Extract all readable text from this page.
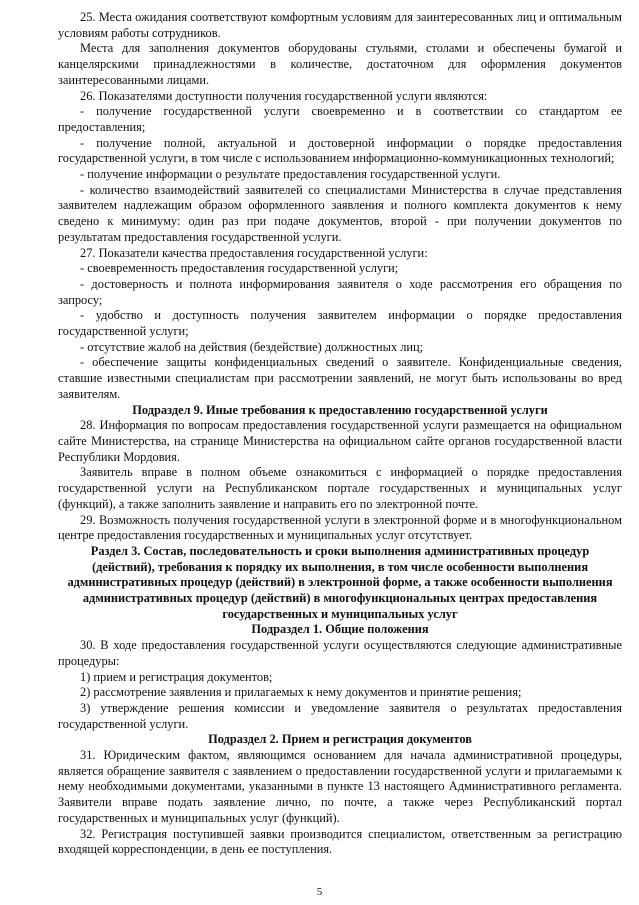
25. Места ожидания соответствуют комфортным условиям для заинтересованных лиц и оптимальным условиям работы сотрудников.

Места для заполнения документов оборудованы стульями, столами и обеспечены бумагой и канцелярскими принадлежностями в количестве, достаточном для оформления документов заинтересованными лицами.

26. Показателями доступности получения государственной услуги являются:

- получение государственной услуги своевременно и в соответствии со стандартом ее предоставления;

- получение полной, актуальной и достоверной информации о порядке предоставления государственной услуги, в том числе с использованием информационно-коммуникационных технологий;

- получение информации о результате предоставления государственной услуги.

- количество взаимодействий заявителей со специалистами Министерства в случае представления заявителем надлежащим образом оформленного заявления и полного комплекта документов к нему сведено к минимуму: один раз при подаче документов, второй - при получении документов по результатам предоставления государственной услуги.

27. Показатели качества предоставления государственной услуги:

- своевременность предоставления государственной услуги;

- достоверность и полнота информирования заявителя о ходе рассмотрения его обращения по запросу;

- удобство и доступность получения заявителем информации о порядке предоставления государственной услуги;

- отсутствие жалоб на действия (бездействие) должностных лиц;

- обеспечение защиты конфиденциальных сведений о заявителе. Конфиденциальные сведения, ставшие известными специалистам при рассмотрении заявлений, не могут быть использованы во вред заявителям.

Подраздел 9. Иные требования к предоставлению государственной услуги

28. Информация по вопросам предоставления государственной услуги размещается на официальном сайте Министерства, на странице Министерства на официальном сайте органов государственной власти Республики Мордовия.

Заявитель вправе в полном объеме ознакомиться с информацией о порядке предоставления государственной услуги на Республиканском портале государственных и муниципальных услуг (функций), а также заполнить заявление и направить его по электронной почте.

29. Возможность получения государственной услуги в электронной форме и в многофункциональном центре предоставления государственных и муниципальных услуг отсутствует.

Раздел 3. Состав, последовательность и сроки выполнения административных процедур (действий), требования к порядку их выполнения, в том числе особенности выполнения административных процедур (действий) в электронной форме, а также особенности выполнения административных процедур (действий) в многофункциональных центрах предоставления государственных и муниципальных услуг

Подраздел 1. Общие положения

30. В ходе предоставления государственной услуги осуществляются следующие административные процедуры:

1) прием и регистрация документов;

2) рассмотрение заявления и прилагаемых к нему документов и принятие решения;

3) утверждение решения комиссии и уведомление заявителя о результатах предоставления государственной услуги.

Подраздел 2. Прием и регистрация документов

31. Юридическим фактом, являющимся основанием для начала административной процедуры, является обращение заявителя с заявлением о предоставлении государственной услуги и прилагаемыми к нему необходимыми документами, указанными в пункте 13 настоящего Административного регламента. Заявители вправе подать заявление лично, по почте, а также через Республиканский портал государственных и муниципальных услуг (функций).

32. Регистрация поступившей заявки производится специалистом, ответственным за регистрацию входящей корреспонденции, в день ее поступления.

5
